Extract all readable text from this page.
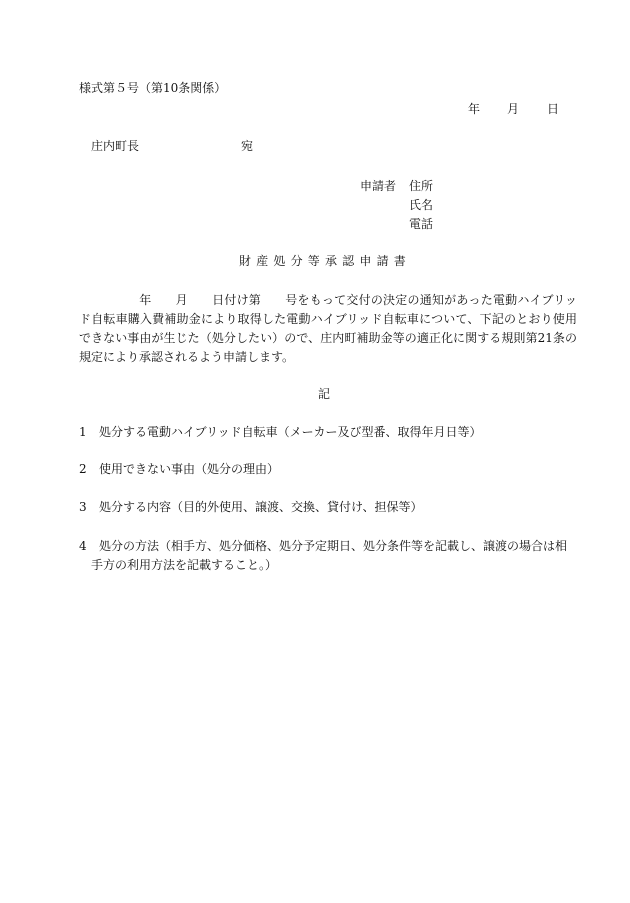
様式第５号（第10条関係）
年 月 日
庄内町長	宛
申請者 住所
氏名
電話
財産処分等承認申請書
年 月 日付け第 号をもって交付の決定の通知があった電動ハイブリッド自転車購入費補助金により取得した電動ハイブリッド自転車について、下記のとおり使用できない事由が生じた（処分したい）ので、庄内町補助金等の適正化に関する規則第21条の規定により承認されるよう申請します。
記
1 処分する電動ハイブリッド自転車（メーカー及び型番、取得年月日等）
2 使用できない事由（処分の理由）
3 処分する内容（目的外使用、譲渡、交換、貸付け、担保等）
4 処分の方法（相手方、処分価格、処分予定期日、処分条件等を記載し、譲渡の場合は相
手方の利用方法を記載すること。）
